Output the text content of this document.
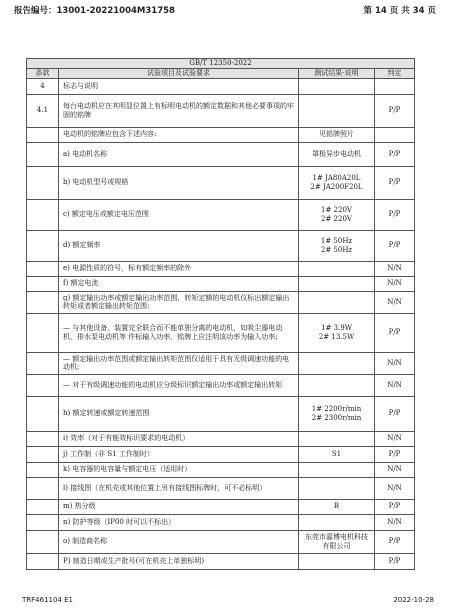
报告编号：13001-20221004M31758	第 14 页 共 34 页
GB/T 12350-2022			
条款	试验项目及试验要求	测试结果-说明	判定
4	标志与说明		
4.1	每台电动机应在其明显位置上有标明电动机的额定数据和其他必要事项的牢固的铭牌		P/P
	电动机的铭牌应包含下述内容:	见铭牌照片	
	a) 电动机名称	罩极异步电动机	P/P
	b) 电动机型号或规格	1# JA80A20L
2# JA200F20L	P/P
	c) 额定电压或额定电压范围	1# 220V
2# 220V	P/P
	d) 额定频率	1# 50Hz
2# 50Hz	P/P
	e) 电源性质的符号，标有额定频率的除外		N/N
	f) 额定电流		N/N
	g) 额定输出功率或额定输出功率范围，转矩定额的电动机仪标出额定输出转矩或者额定输出转矩范围:		N/N
	— 与其他设备、装置完全联合而不能单独分离的电动机，如吸尘器电动机，排水泵电动机等 许标输入功率，铭牌上应注明该功率为输入功率;	1# 3.9W
2# 13.5W	P/P
	— 额定输出功率范围或额定输出转矩范围仅适用于具有无级调速功能的电动机;		N/N
	— 对于有级调速功能的电动机应分级标识额定输出功率或额定输出转矩		N/N
	h) 额定转速或额定转速范围	1# 2200r/min
2# 2300r/min	P/P
	i) 效率（对于有能效标识要求的电动机）		N/N
	j) 工作制（非 S1 工作制时）	S1	P/P
	k) 电容器的电容量与额定电压（适用时）		N/N
	l) 接线图（在机壳或其他位置上另有接线图标牌时，可不必标明）		N/N
	m) 热分级	B	P/P
	n) 防护等级（IP00 时可以不标出）		N/N
	o) 制造商名称	东莞市嘉博电机科技有限公司	P/P
	P) 制造日期或生产批号(可在机壳上单独标明)		P/P
TRF461104 E1	2022-10-28
